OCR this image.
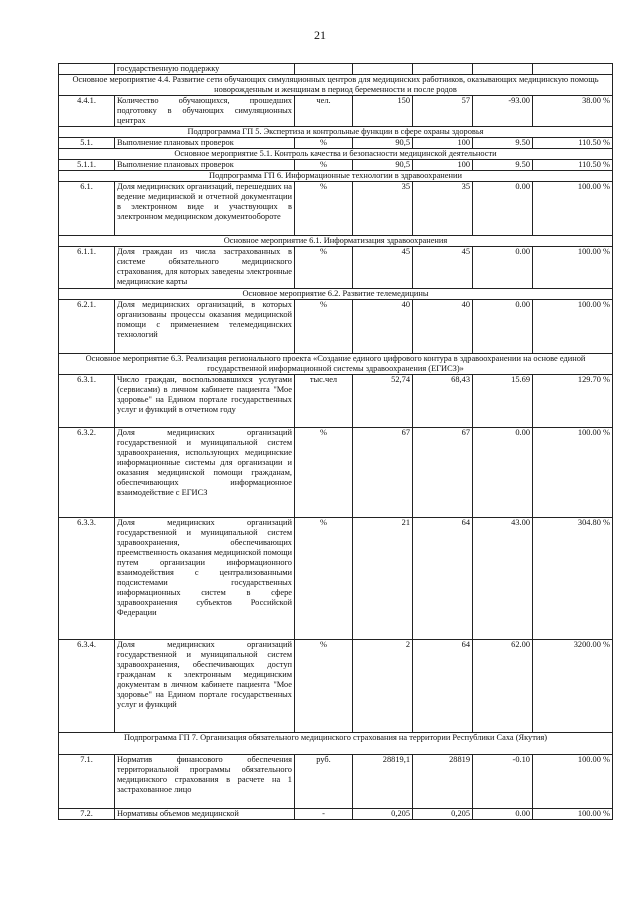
21
	государственную поддержку					
Основное мероприятие 4.4. Развитие сети обучающих симуляционных центров для медицинских работников, оказывающих медицинскую помощь новорожденным и женщинам в период беременности и после родов						
4.4.1.	Количество обучающихся, прошедших подготовку в обучающих симуляционных центрах	чел.	150	57	-93.00	38.00 %
Подпрограмма ГП 5. Экспертиза и контрольные функции в сфере охраны здоровья						
5.1.	Выполнение плановых проверок	%	90,5	100	9.50	110.50 %
Основное мероприятие 5.1. Контроль качества и безопасности медицинской деятельности						
5.1.1.	Выполнение плановых проверок	%	90,5	100	9.50	110.50 %
Подпрограмма ГП 6. Информационные технологии в здравоохранении						
6.1.	Доля медицинских организаций, перешедших на ведение медицинской и отчетной документации в электронном виде и участвующих в электронном медицинском документообороте	%	35	35	0.00	100.00 %
Основное мероприятие 6.1. Информатизация здравоохранения						
6.1.1.	Доля граждан из числа застрахованных в системе обязательного медицинского страхования, для которых заведены электронные медицинские карты	%	45	45	0.00	100.00 %
Основное мероприятие 6.2. Развитие телемедицины						
6.2.1.	Доля медицинских организаций, в которых организованы процессы оказания медицинской помощи с применением телемедицинских технологий	%	40	40	0.00	100.00 %
Основное мероприятие 6.3. Реализация регионального проекта «Создание единого цифрового контура в здравоохранении на основе единой государственной информационной системы здравоохранения (ЕГИСЗ)»						
6.3.1.	Число граждан, воспользовавшихся услугами (сервисами) в личном кабинете пациента "Мое здоровье" на Едином портале государственных услуг и функций в отчетном году	тыс.чел	52,74	68,43	15.69	129.70 %
6.3.2.	Доля медицинских организаций государственной и муниципальной систем здравоохранения, использующих медицинские информационные системы для организации и оказания медицинской помощи гражданам, обеспечивающих информационное взаимодействие с ЕГИСЗ	%	67	67	0.00	100.00 %
6.3.3.	Доля медицинских организаций государственной и муниципальной систем здравоохранения, обеспечивающих преемственность оказания медицинской помощи путем организации информационного взаимодействия с централизованными подсистемами государственных информационных систем в сфере здравоохранения субъектов Российской Федерации	%	21	64	43.00	304.80 %
6.3.4.	Доля медицинских организаций государственной и муниципальной систем здравоохранения, обеспечивающих доступ гражданам к электронным медицинским документам в личном кабинете пациента "Мое здоровье" на Едином портале государственных услуг и функций	%	2	64	62.00	3200.00 %
Подпрограмма ГП 7. Организация обязательного медицинского страхования на территории Республики Саха (Якутия)						
7.1.	Норматив финансового обеспечения территориальной программы обязательного медицинского страхования в расчете на 1 застрахованное лицо	руб.	28819,1	28819	-0.10	100.00 %
7.2.	Нормативы объемов медицинской	-	0,205	0,205	0.00	100.00 %
